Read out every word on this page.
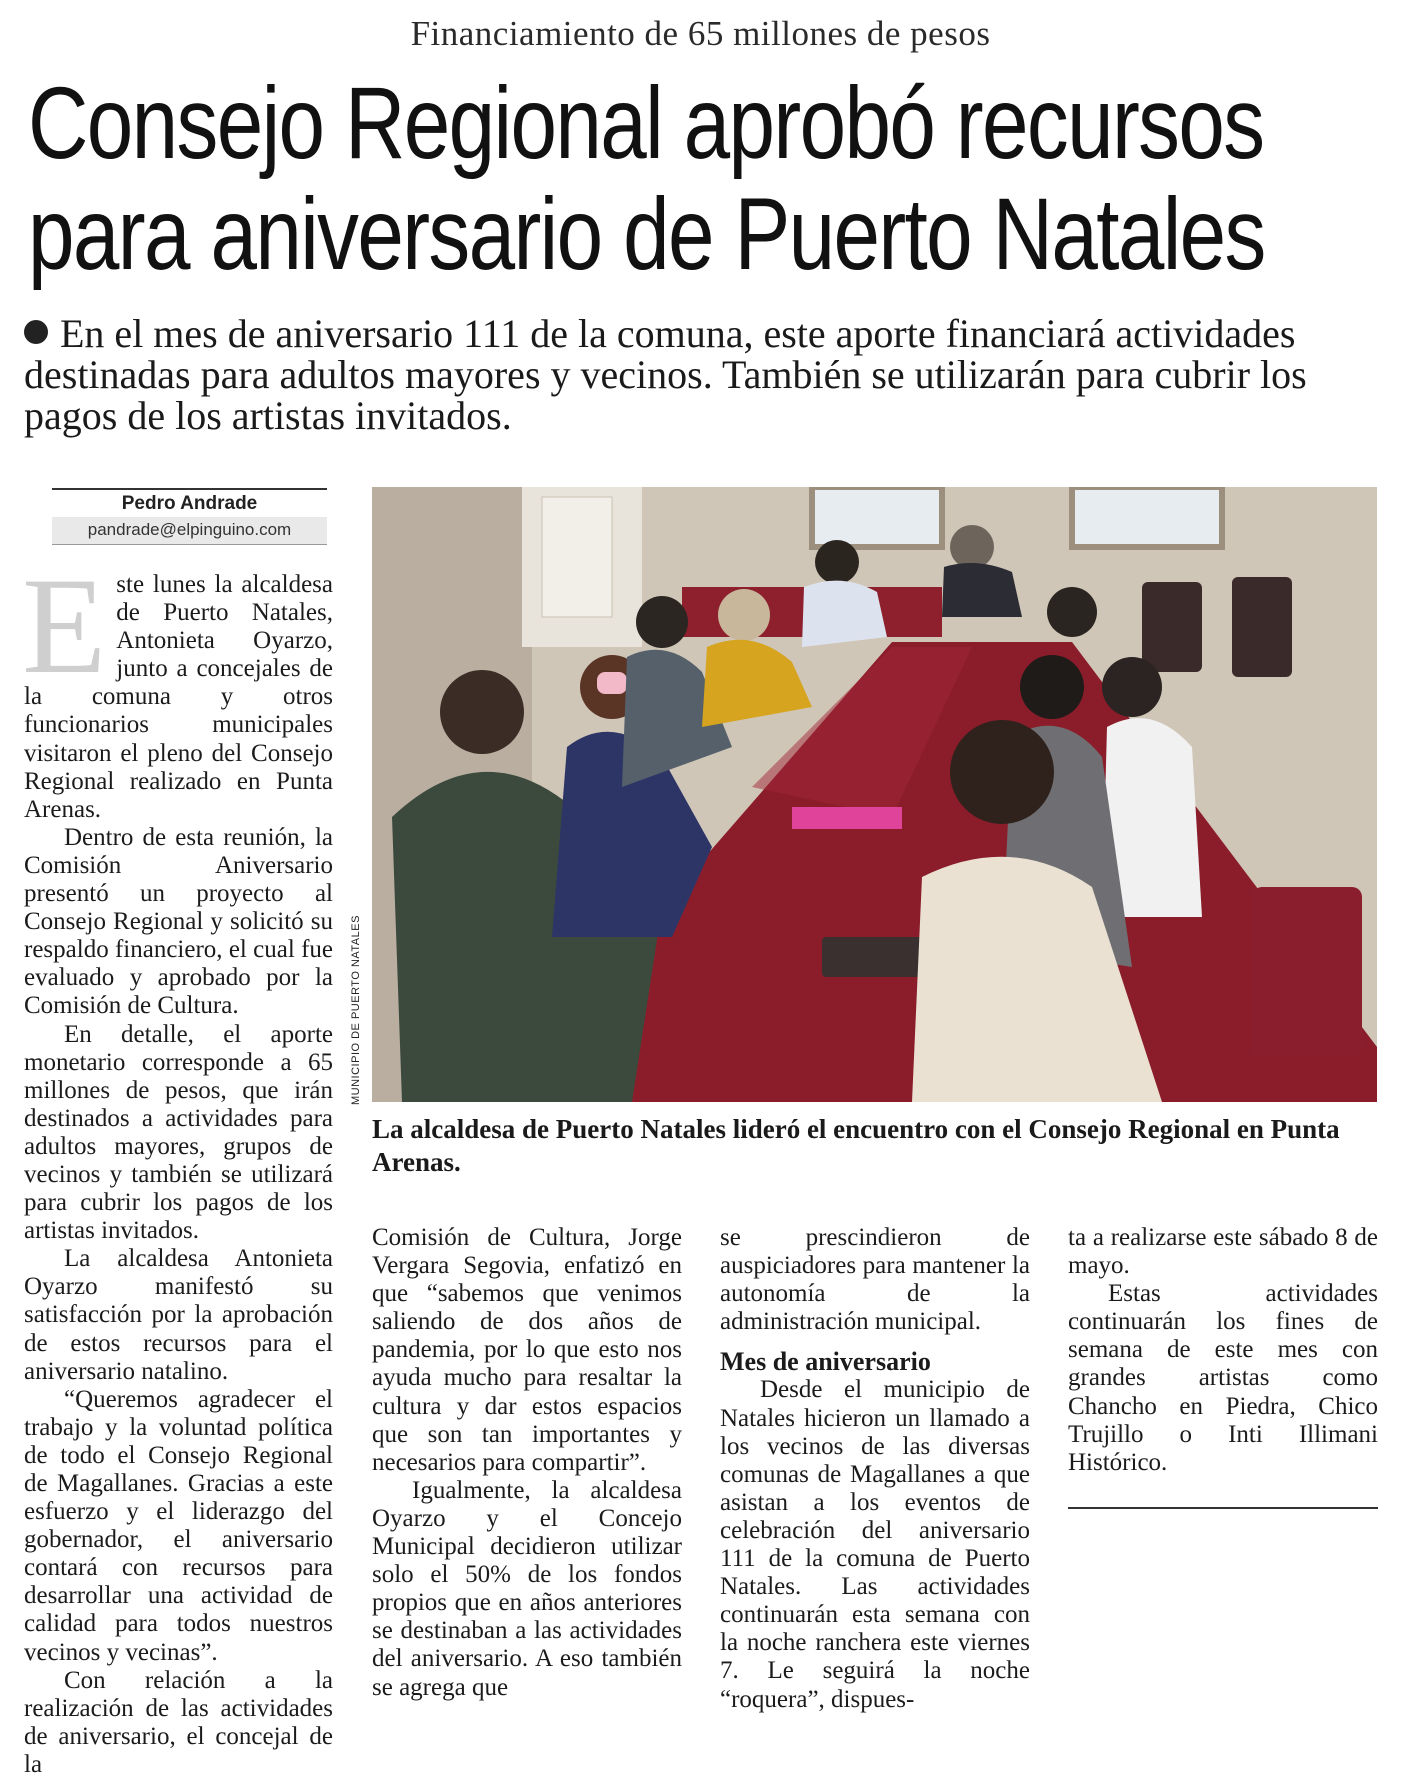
Financiamiento de 65 millones de pesos
Consejo Regional aprobó recursos
para aniversario de Puerto Natales
En el mes de aniversario 111 de la comuna, este aporte financiará actividades destinadas para adultos mayores y vecinos. También se utilizarán para cubrir los pagos de los artistas invitados.
Pedro Andrade
pandrade@elpinguino.com
MUNICIPIO DE PUERTO NATALES
La alcaldesa de Puerto Natales lideró el encuentro con el Consejo Regional en Punta Arenas.

Este lunes la alcaldesa de Puerto Natales, Antonieta Oyarzo, junto a concejales de la comuna y otros funcionarios municipales visitaron el pleno del Consejo Regional realizado en Punta Arenas.

Dentro de esta reunión, la Comisión Aniversario presentó un proyecto al Consejo Regional y solicitó su respaldo financiero, el cual fue evaluado y aprobado por la Comisión de Cultura.

En detalle, el aporte monetario corresponde a 65 millones de pesos, que irán destinados a actividades para adultos mayores, grupos de vecinos y también se utilizará para cubrir los pagos de los artistas invitados.

La alcaldesa Antonieta Oyarzo manifestó su satisfacción por la aprobación de estos recursos para el aniversario natalino.

“Queremos agradecer el trabajo y la voluntad política de todo el Consejo Regional de Magallanes. Gracias a este esfuerzo y el liderazgo del gobernador, el aniversario contará con recursos para desarrollar una actividad de calidad para todos nuestros vecinos y vecinas”.

Con relación a la realización de las actividades de aniversario, el concejal de la

Comisión de Cultura, Jorge Vergara Segovia, enfatizó en que “sabemos que venimos saliendo de dos años de pandemia, por lo que esto nos ayuda mucho para resaltar la cultura y dar estos espacios que son tan importantes y necesarios para compartir”.

Igualmente, la alcaldesa Oyarzo y el Concejo Municipal decidieron utilizar solo el 50% de los fondos propios que en años anteriores se destinaban a las actividades del aniversario. A eso también se agrega que

se prescindieron de auspiciadores para mantener la autonomía de la administración municipal.

Mes de aniversario

Desde el municipio de Natales hicieron un llamado a los vecinos de las diversas comunas de Magallanes a que asistan a los eventos de celebración del aniversario 111 de la comuna de Puerto Natales. Las actividades continuarán esta semana con la noche ranchera este viernes 7. Le seguirá la noche “roquera”, dispues-

ta a realizarse este sábado 8 de mayo.

Estas actividades continuarán los fines de semana de este mes con grandes artistas como Chancho en Piedra, Chico Trujillo o Inti Illimani Histórico.
